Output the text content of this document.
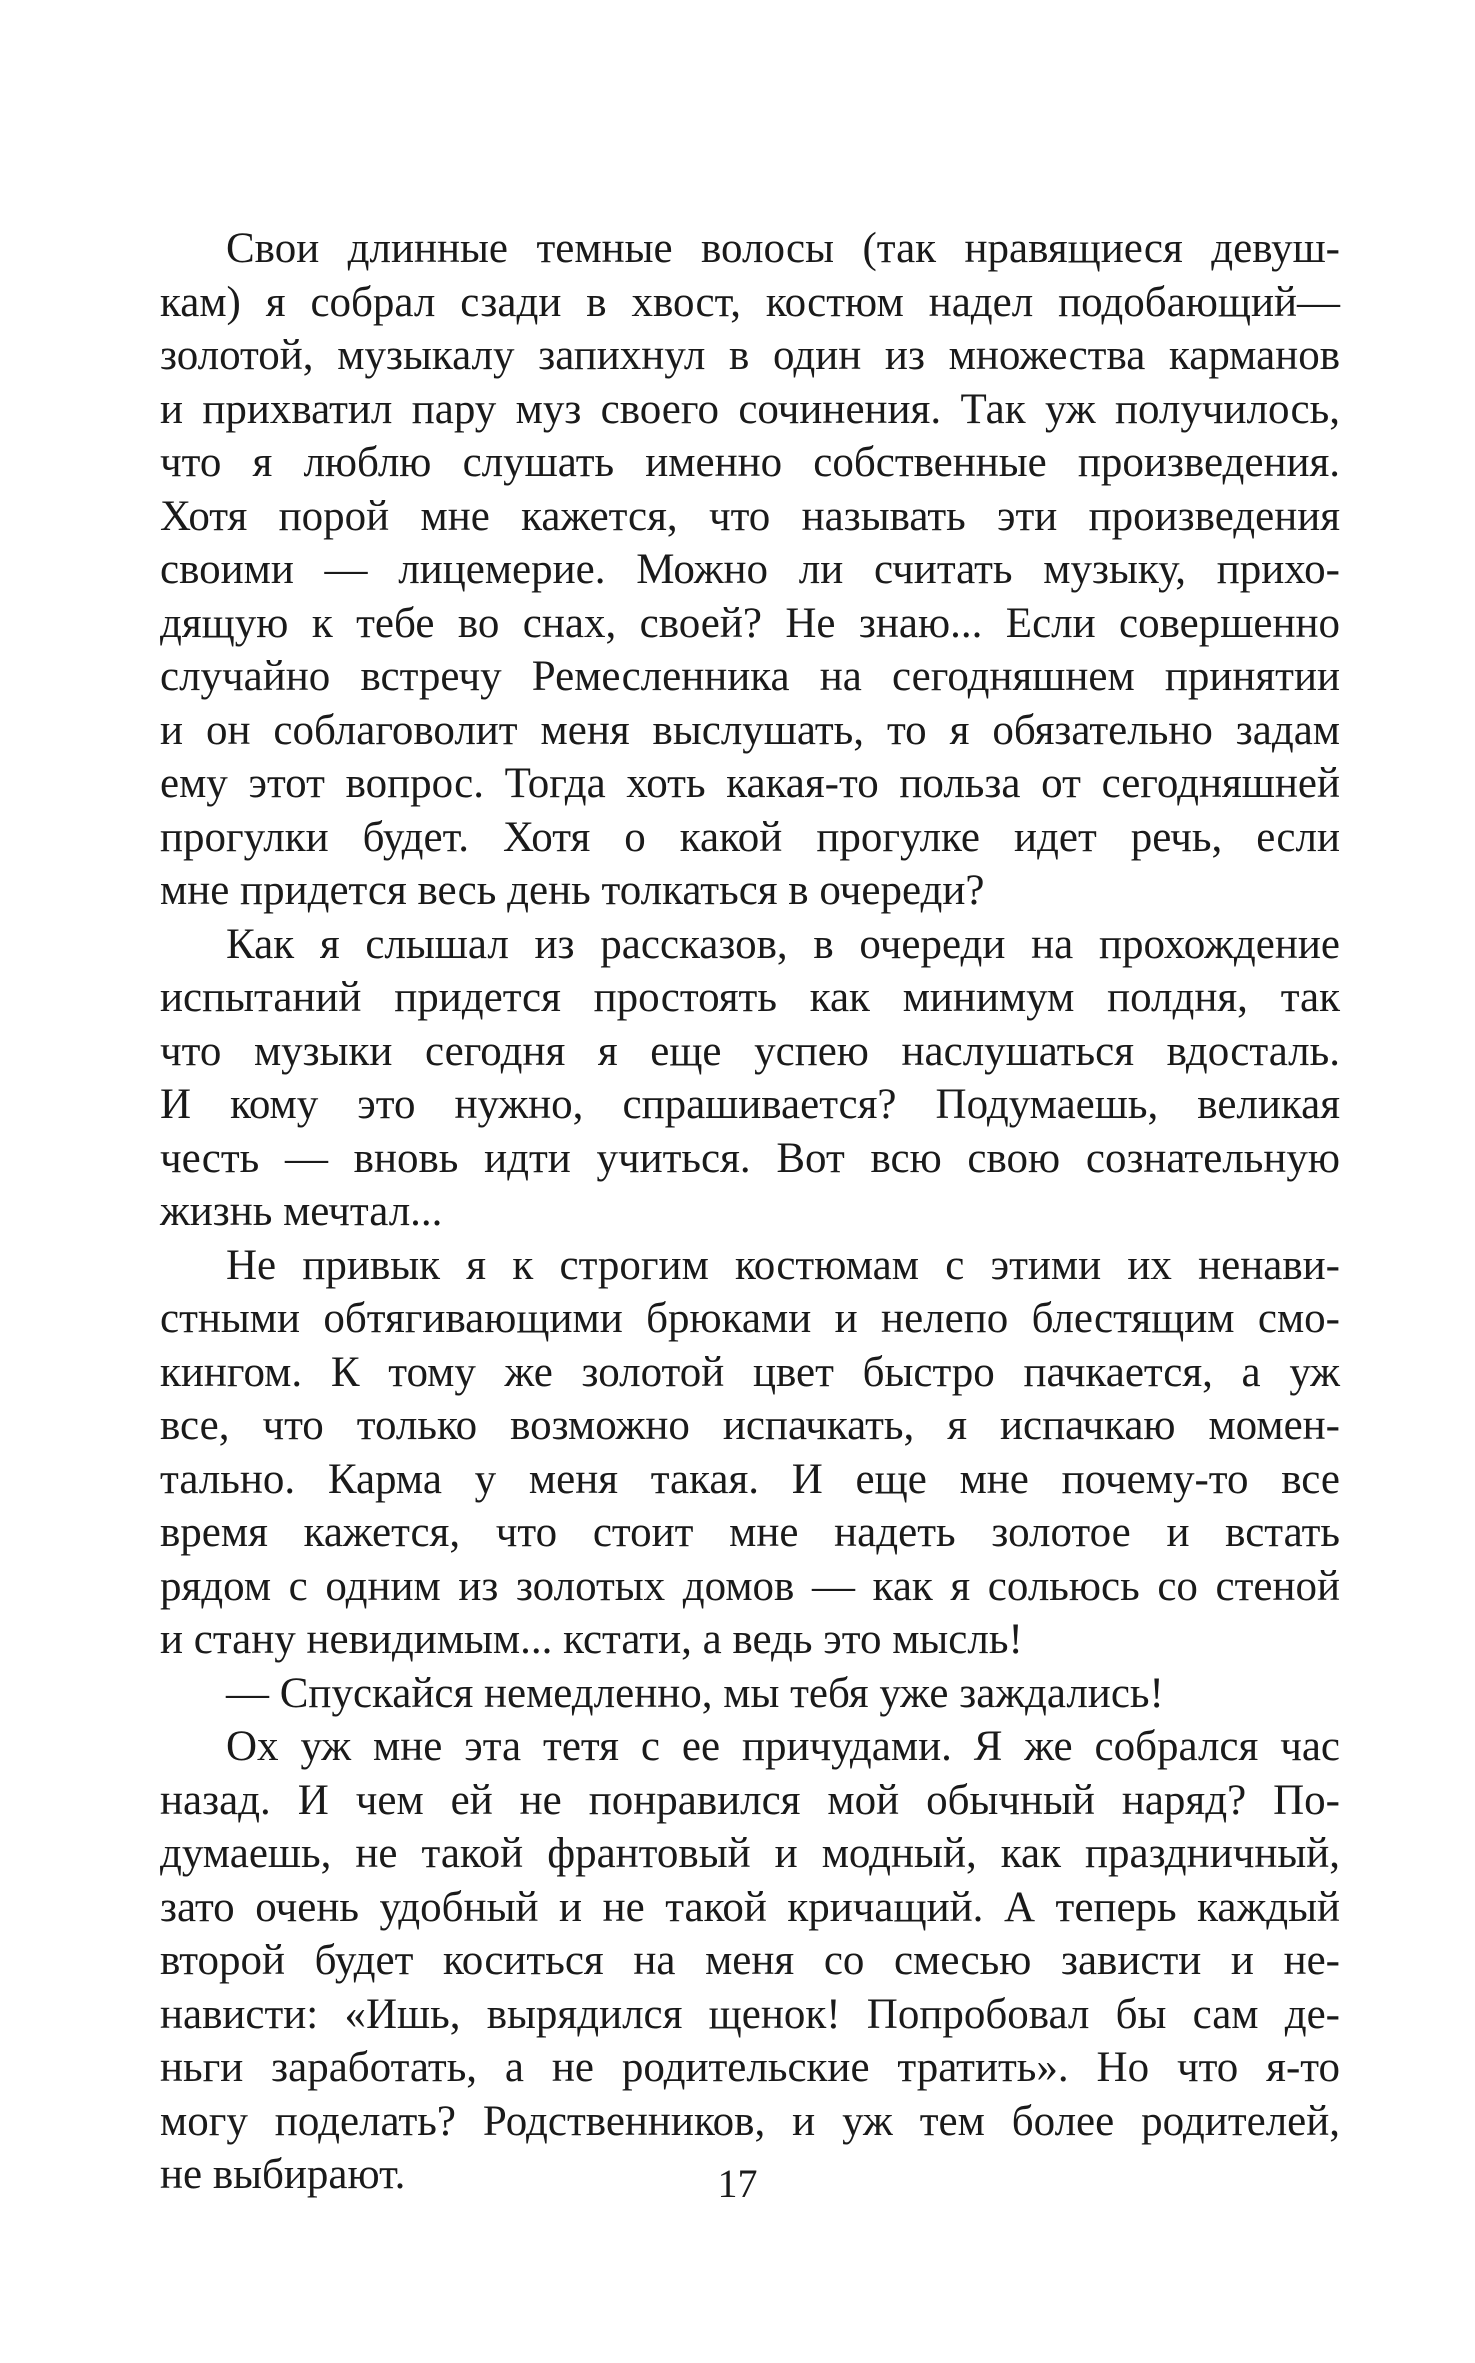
Свои длинные темные волосы (так нравящиеся девуш-
кам) я собрал сзади в хвост, костюм надел подобающий—
золотой, музыкалу запихнул в один из множества карманов
и прихватил пару муз своего сочинения. Так уж получилось,
что я люблю слушать именно собственные произведения.
Хотя порой мне кажется, что называть эти произведения
своими — лицемерие. Можно ли считать музыку, прихо-
дящую к тебе во снах, своей? Не знаю... Если совершенно
случайно встречу Ремесленника на сегодняшнем принятии
и он соблаговолит меня выслушать, то я обязательно задам
ему этот вопрос. Тогда хоть какая-то польза от сегодняшней
прогулки будет. Хотя о какой прогулке идет речь, если
мне придется весь день толкаться в очереди?
Как я слышал из рассказов, в очереди на прохождение
испытаний придется простоять как минимум полдня, так
что музыки сегодня я еще успею наслушаться вдосталь.
И кому это нужно, спрашивается? Подумаешь, великая
честь — вновь идти учиться. Вот всю свою сознательную
жизнь мечтал...
Не привык я к строгим костюмам с этими их ненави-
стными обтягивающими брюками и нелепо блестящим смо-
кингом. К тому же золотой цвет быстро пачкается, а уж
все, что только возможно испачкать, я испачкаю момен-
тально. Карма у меня такая. И еще мне почему-то все
время кажется, что стоит мне надеть золотое и встать
рядом с одним из золотых домов — как я сольюсь со стеной
и стану невидимым... кстати, а ведь это мысль!
— Спускайся немедленно, мы тебя уже заждались!
Ох уж мне эта тетя с ее причудами. Я же собрался час
назад. И чем ей не понравился мой обычный наряд? По-
думаешь, не такой франтовый и модный, как праздничный,
зато очень удобный и не такой кричащий. А теперь каждый
второй будет коситься на меня со смесью зависти и не-
нависти: «Ишь, вырядился щенок! Попробовал бы сам де-
ньги заработать, а не родительские тратить». Но что я-то
могу поделать? Родственников, и уж тем более родителей,
не выбирают.	17
